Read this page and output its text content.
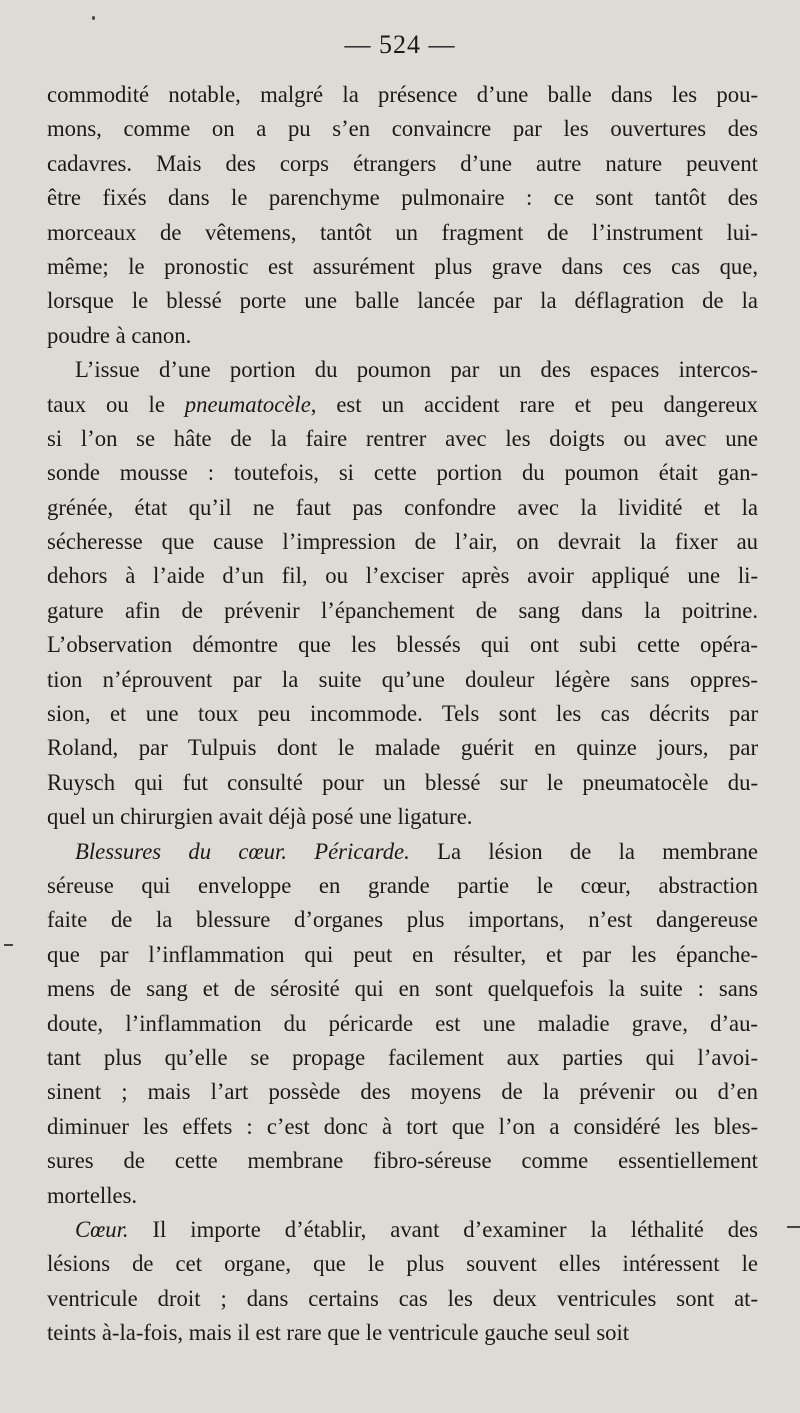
— 524 —
commodité notable, malgré la présence d’une balle dans les pou-
mons, comme on a pu s’en convaincre par les ouvertures des
cadavres. Mais des corps étrangers d’une autre nature peuvent
être fixés dans le parenchyme pulmonaire : ce sont tantôt des
morceaux de vêtemens, tantôt un fragment de l’instrument lui-
même; le pronostic est assurément plus grave dans ces cas que,
lorsque le blessé porte une balle lancée par la déflagration de la
poudre à canon.
L’issue d’une portion du poumon par un des espaces intercos-
taux ou le pneumatocèle, est un accident rare et peu dangereux
si l’on se hâte de la faire rentrer avec les doigts ou avec une
sonde mousse : toutefois, si cette portion du poumon était gan-
grénée, état qu’il ne faut pas confondre avec la lividité et la
sécheresse que cause l’impression de l’air, on devrait la fixer au
dehors à l’aide d’un fil, ou l’exciser après avoir appliqué une li-
gature afin de prévenir l’épanchement de sang dans la poitrine.
L’observation démontre que les blessés qui ont subi cette opéra-
tion n’éprouvent par la suite qu’une douleur légère sans oppres-
sion, et une toux peu incommode. Tels sont les cas décrits par
Roland, par Tulpuis dont le malade guérit en quinze jours, par
Ruysch qui fut consulté pour un blessé sur le pneumatocèle du-
quel un chirurgien avait déjà posé une ligature.
Blessures du cœur. Péricarde. La lésion de la membrane
séreuse qui enveloppe en grande partie le cœur, abstraction
faite de la blessure d’organes plus importans, n’est dangereuse
que par l’inflammation qui peut en résulter, et par les épanche-
mens de sang et de sérosité qui en sont quelquefois la suite : sans
doute, l’inflammation du péricarde est une maladie grave, d’au-
tant plus qu’elle se propage facilement aux parties qui l’avoi-
sinent ; mais l’art possède des moyens de la prévenir ou d’en
diminuer les effets : c’est donc à tort que l’on a considéré les bles-
sures de cette membrane fibro-séreuse comme essentiellement
mortelles.
Cœur. Il importe d’établir, avant d’examiner la léthalité des
lésions de cet organe, que le plus souvent elles intéressent le
ventricule droit ; dans certains cas les deux ventricules sont at-
teints à-la-fois, mais il est rare que le ventricule gauche seul soit
